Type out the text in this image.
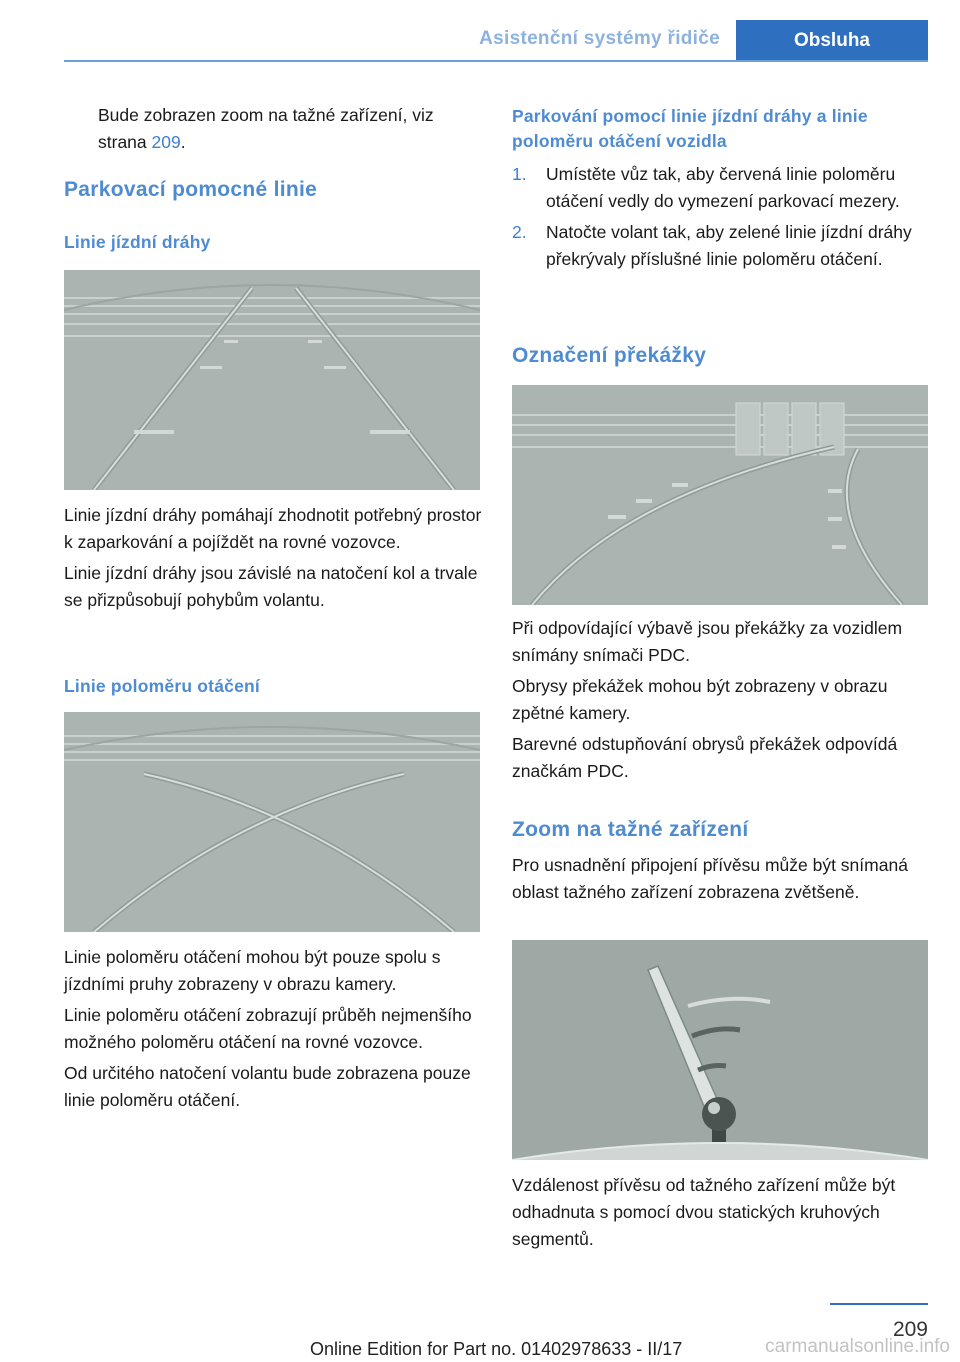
Asistenční systémy řidiče	Obsluha

Bude zobrazen zoom na tažné zařízení, viz strana 209.

Parkovací pomocné linie
Linie jízdní dráhy

Linie jízdní dráhy pomáhají zhodnotit potřebný prostor k zaparkování a pojíždět na rovné vozovce.

Linie jízdní dráhy jsou závislé na natočení kol a trvale se přizpůsobují pohybům volantu.

Linie poloměru otáčení

Linie poloměru otáčení mohou být pouze spolu s jízdními pruhy zobrazeny v obrazu kamery.

Linie poloměru otáčení zobrazují průběh nejmenšího možného poloměru otáčení na rovné vozovce.

Od určitého natočení volantu bude zobrazena pouze linie poloměru otáčení.

Parkování pomocí linie jízdní dráhy a linie poloměru otáčení vozidla
1. Umístěte vůz tak, aby červená linie poloměru otáčení vedly do vymezení parkovací mezery.
2. Natočte volant tak, aby zelené linie jízdní dráhy překrývaly příslušné linie poloměru otáčení.
Označení překážky

Při odpovídající výbavě jsou překážky za vozidlem snímány snímači PDC.

Obrysy překážek mohou být zobrazeny v obrazu zpětné kamery.

Barevné odstupňování obrysů překážek odpovídá značkám PDC.

Zoom na tažné zařízení

Pro usnadnění připojení přívěsu může být snímaná oblast tažného zařízení zobrazena zvětšeně.

Vzdálenost přívěsu od tažného zařízení může být odhadnuta s pomocí dvou statických kruhových segmentů.

209
Online Edition for Part no. 01402978633 - II/17	carmanualsonline.info
